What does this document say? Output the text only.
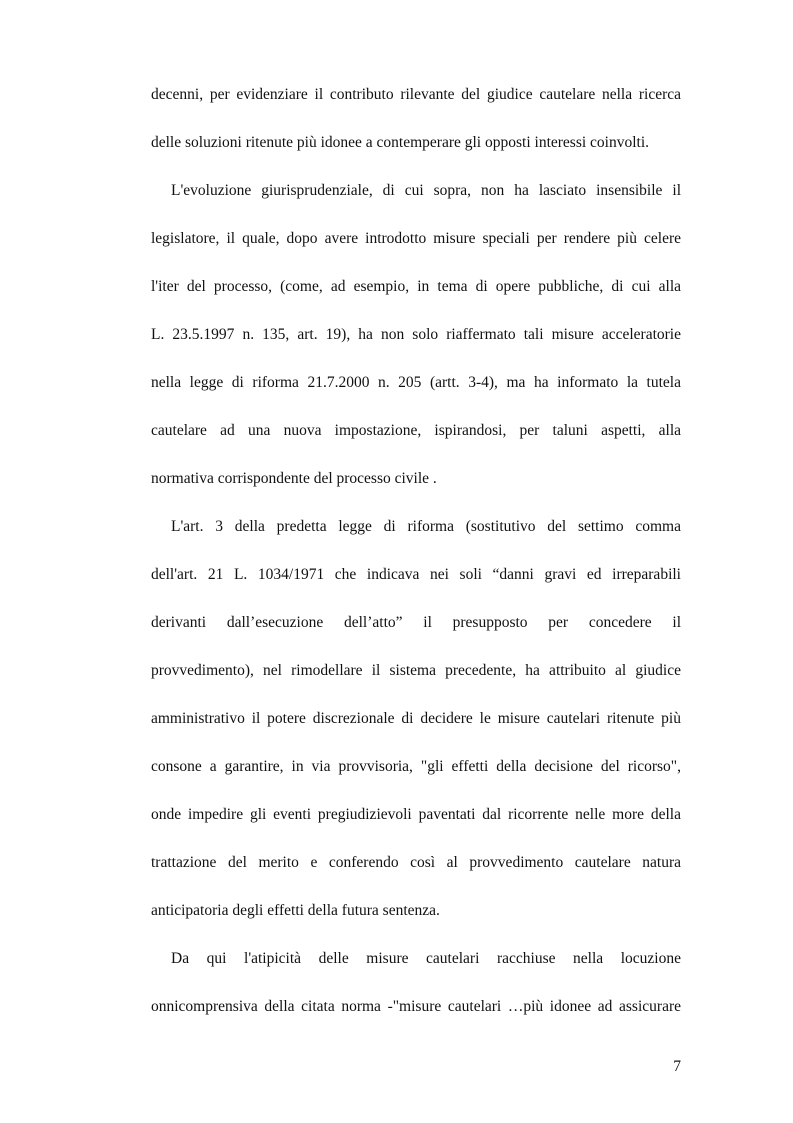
decenni, per evidenziare il contributo rilevante del giudice cautelare nella ricerca
delle soluzioni ritenute più idonee a contemperare gli opposti interessi coinvolti.
L'evoluzione giurisprudenziale, di cui sopra, non ha lasciato insensibile il
legislatore, il quale, dopo avere introdotto misure speciali per rendere più celere
l'iter del processo, (come, ad esempio, in tema di opere pubbliche, di cui alla
L. 23.5.1997 n. 135, art. 19), ha non solo riaffermato tali misure acceleratorie
nella legge di riforma 21.7.2000 n. 205 (artt. 3-4), ma ha informato la tutela
cautelare ad una nuova impostazione, ispirandosi, per taluni aspetti, alla
normativa corrispondente del processo civile .
L'art. 3 della predetta legge di riforma (sostitutivo del settimo comma
dell'art. 21 L. 1034/1971 che indicava nei soli “danni gravi ed irreparabili
derivanti dall’esecuzione dell’atto” il presupposto per concedere il
provvedimento), nel rimodellare il sistema precedente, ha attribuito al giudice
amministrativo il potere discrezionale di decidere le misure cautelari ritenute più
consone a garantire, in via provvisoria, "gli effetti della decisione del ricorso",
onde impedire gli eventi pregiudizievoli paventati dal ricorrente nelle more della
trattazione del merito e conferendo così al provvedimento cautelare natura
anticipatoria degli effetti della futura sentenza.
Da qui l'atipicità delle misure cautelari racchiuse nella locuzione
onnicomprensiva della citata norma -"misure cautelari …più idonee ad assicurare
7
